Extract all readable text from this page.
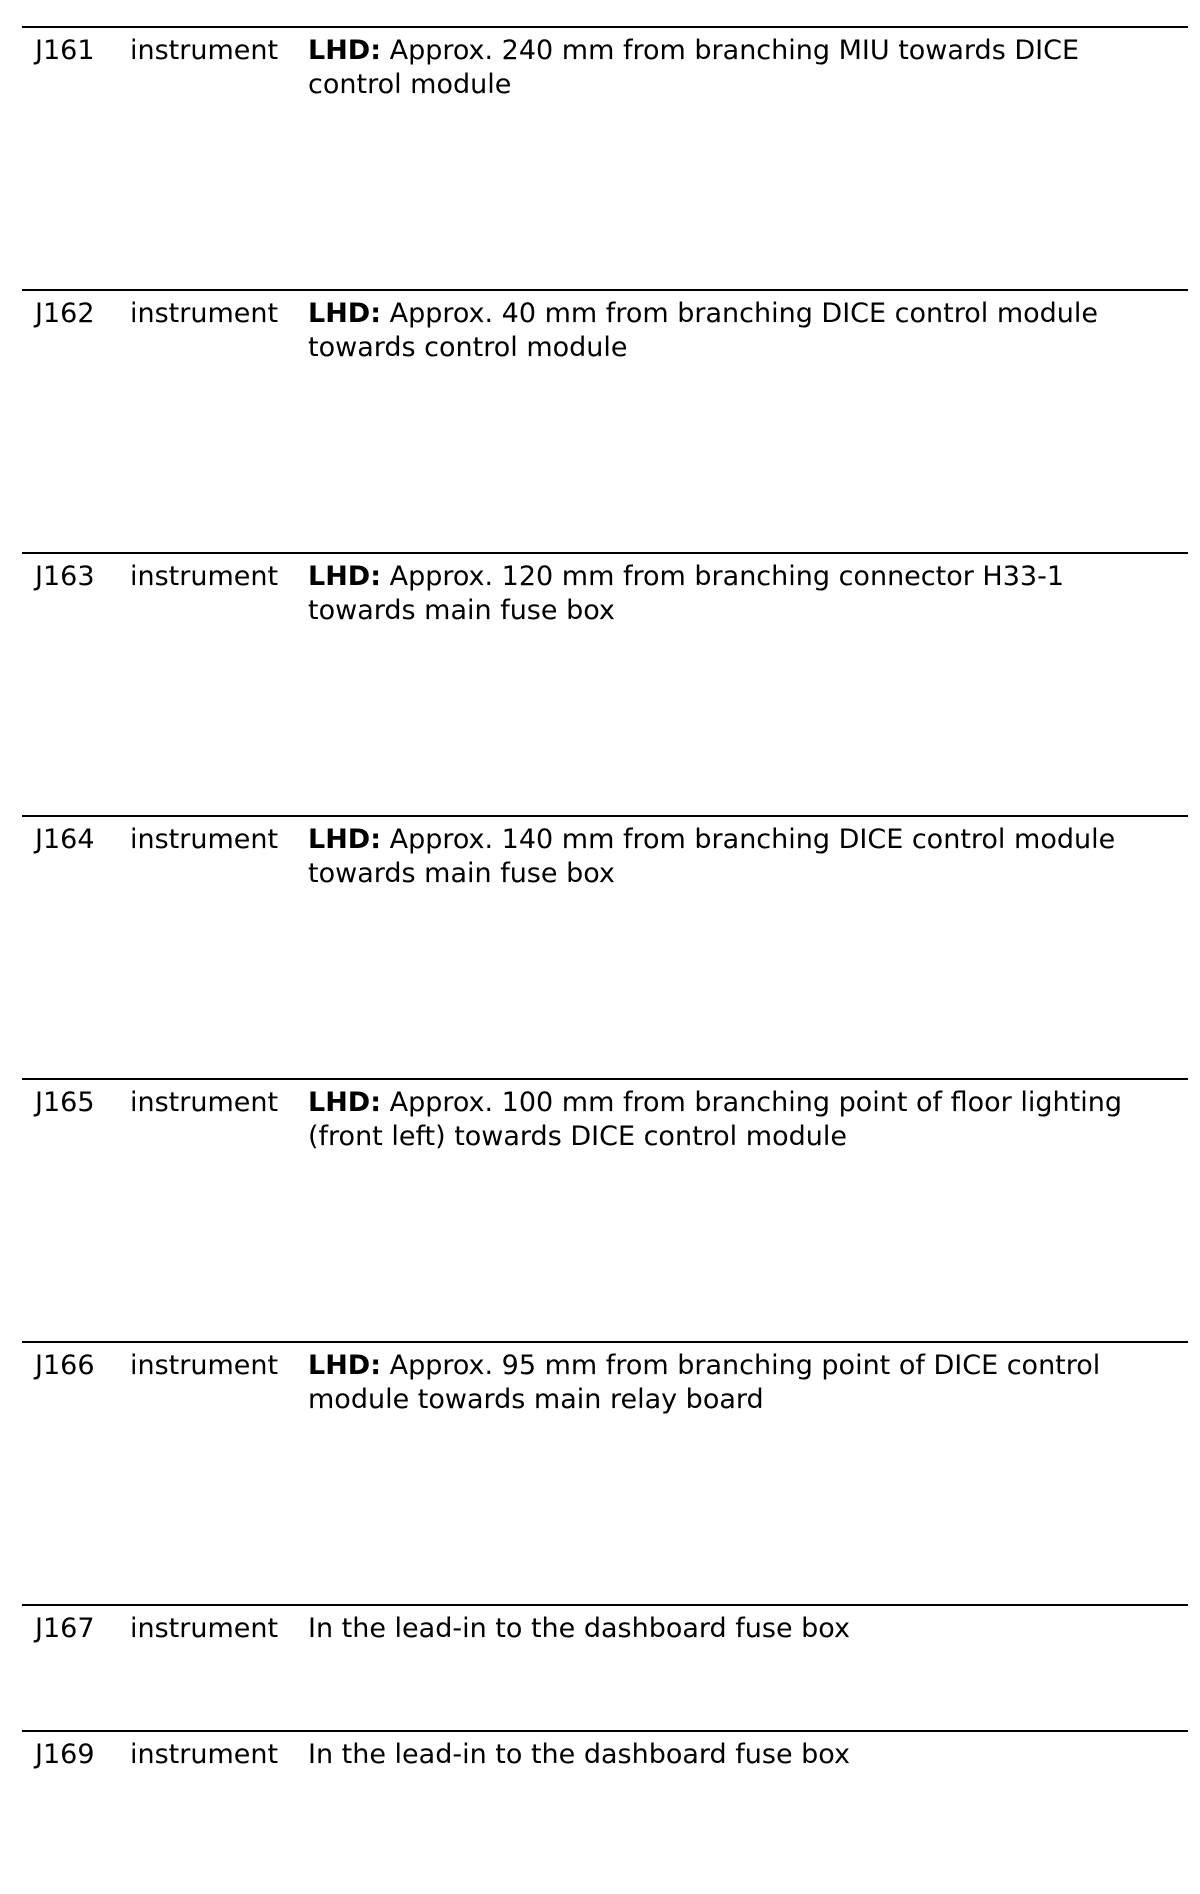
J161 instrument LHD: Approx. 240 mm from branching MIU towards DICE
control module
J162 instrument LHD: Approx. 40 mm from branching DICE control module
towards control module
J163 instrument LHD: Approx. 120 mm from branching connector H33-1
towards main fuse box
J164 instrument LHD: Approx. 140 mm from branching DICE control module
towards main fuse box
J165 instrument LHD: Approx. 100 mm from branching point of floor lighting
(front left) towards DICE control module
J166 instrument LHD: Approx. 95 mm from branching point of DICE control
module towards main relay board
J167 instrument In the lead-in to the dashboard fuse box
J169 instrument In the lead-in to the dashboard fuse box
